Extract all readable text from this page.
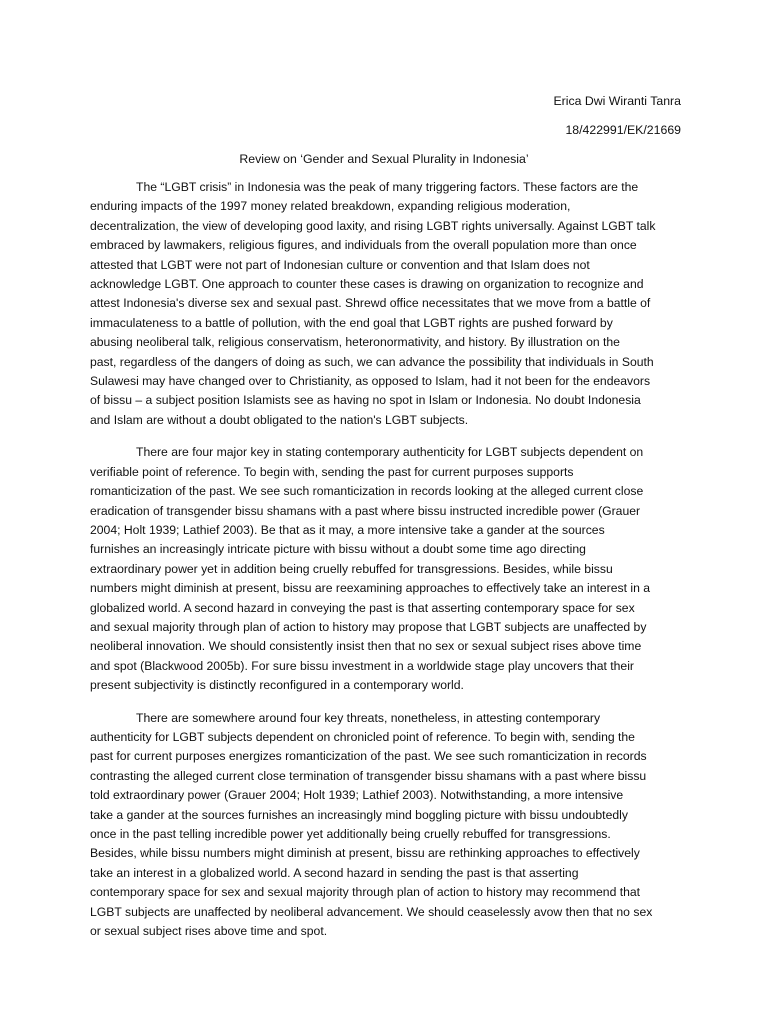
Erica Dwi Wiranti Tanra
18/422991/EK/21669
Review on ‘Gender and Sexual Plurality in Indonesia’

The “LGBT crisis” in Indonesia was the peak of many triggering factors. These factors are the
enduring impacts of the 1997 money related breakdown, expanding religious moderation,
decentralization, the view of developing good laxity, and rising LGBT rights universally. Against LGBT talk
embraced by lawmakers, religious figures, and individuals from the overall population more than once
attested that LGBT were not part of Indonesian culture or convention and that Islam does not
acknowledge LGBT. One approach to counter these cases is drawing on organization to recognize and
attest Indonesia's diverse sex and sexual past. Shrewd office necessitates that we move from a battle of
immaculateness to a battle of pollution, with the end goal that LGBT rights are pushed forward by
abusing neoliberal talk, religious conservatism, heteronormativity, and history. By illustration on the
past, regardless of the dangers of doing as such, we can advance the possibility that individuals in South
Sulawesi may have changed over to Christianity, as opposed to Islam, had it not been for the endeavors
of bissu – a subject position Islamists see as having no spot in Islam or Indonesia. No doubt Indonesia
and Islam are without a doubt obligated to the nation's LGBT subjects.

There are four major key in stating contemporary authenticity for LGBT subjects dependent on
verifiable point of reference. To begin with, sending the past for current purposes supports
romanticization of the past. We see such romanticization in records looking at the alleged current close
eradication of transgender bissu shamans with a past where bissu instructed incredible power (Grauer
2004; Holt 1939; Lathief 2003). Be that as it may, a more intensive take a gander at the sources
furnishes an increasingly intricate picture with bissu without a doubt some time ago directing
extraordinary power yet in addition being cruelly rebuffed for transgressions. Besides, while bissu
numbers might diminish at present, bissu are reexamining approaches to effectively take an interest in a
globalized world. A second hazard in conveying the past is that asserting contemporary space for sex
and sexual majority through plan of action to history may propose that LGBT subjects are unaffected by
neoliberal innovation. We should consistently insist then that no sex or sexual subject rises above time
and spot (Blackwood 2005b). For sure bissu investment in a worldwide stage play uncovers that their
present subjectivity is distinctly reconfigured in a contemporary world.

There are somewhere around four key threats, nonetheless, in attesting contemporary
authenticity for LGBT subjects dependent on chronicled point of reference. To begin with, sending the
past for current purposes energizes romanticization of the past. We see such romanticization in records
contrasting the alleged current close termination of transgender bissu shamans with a past where bissu
told extraordinary power (Grauer 2004; Holt 1939; Lathief 2003). Notwithstanding, a more intensive
take a gander at the sources furnishes an increasingly mind boggling picture with bissu undoubtedly
once in the past telling incredible power yet additionally being cruelly rebuffed for transgressions.
Besides, while bissu numbers might diminish at present, bissu are rethinking approaches to effectively
take an interest in a globalized world. A second hazard in sending the past is that asserting
contemporary space for sex and sexual majority through plan of action to history may recommend that
LGBT subjects are unaffected by neoliberal advancement. We should ceaselessly avow then that no sex
or sexual subject rises above time and spot.
